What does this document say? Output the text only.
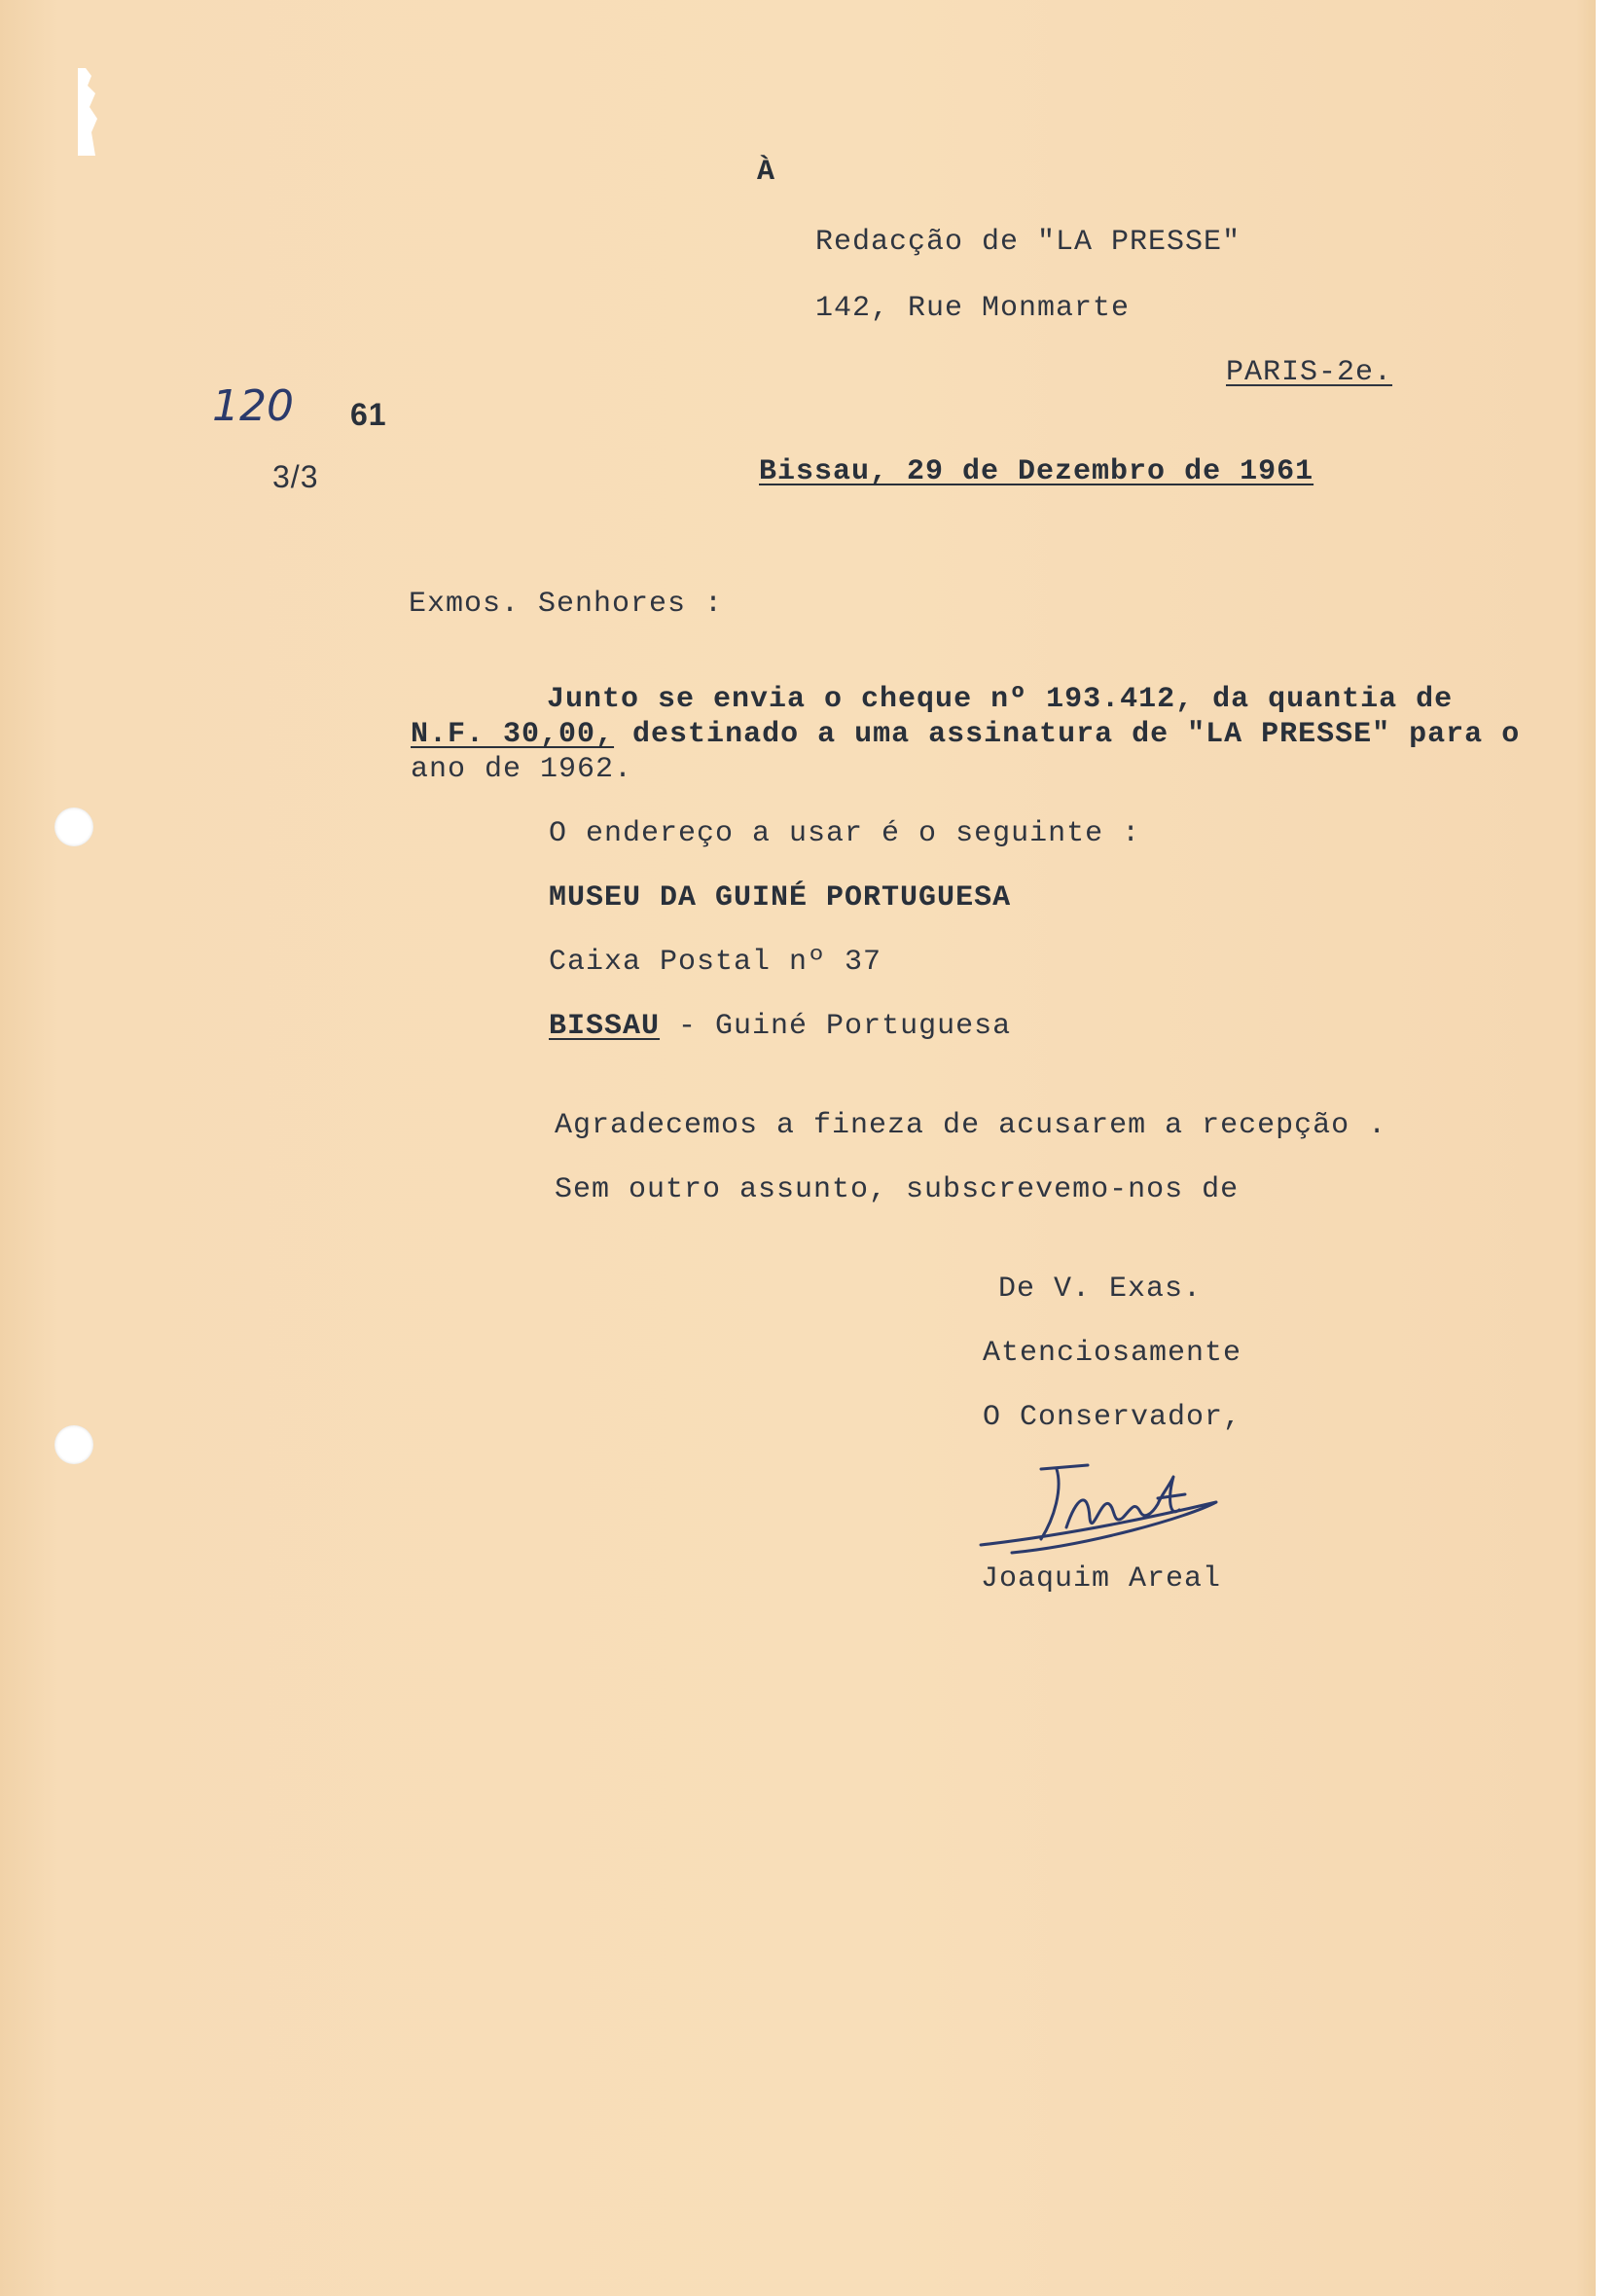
À
Redacção de "LA PRESSE"
142, Rue Monmarte
PARIS-2e.
120 61
3/3	Bissau, 29 de Dezembro de 1961
Exmos. Senhores :
Junto se envia o cheque nº 193.412, da quantia de
N.F. 30,00, destinado a uma assinatura de "LA PRESSE" para o
ano de 1962.
O endereço a usar é o seguinte :
MUSEU DA GUINÉ PORTUGUESA
Caixa Postal nº 37
BISSAU - Guiné Portuguesa
Agradecemos a fineza de acusarem a recepção .
Sem outro assunto, subscrevemo-nos de
De V. Exas.
Atenciosamente
O Conservador,
Joaquim Areal
